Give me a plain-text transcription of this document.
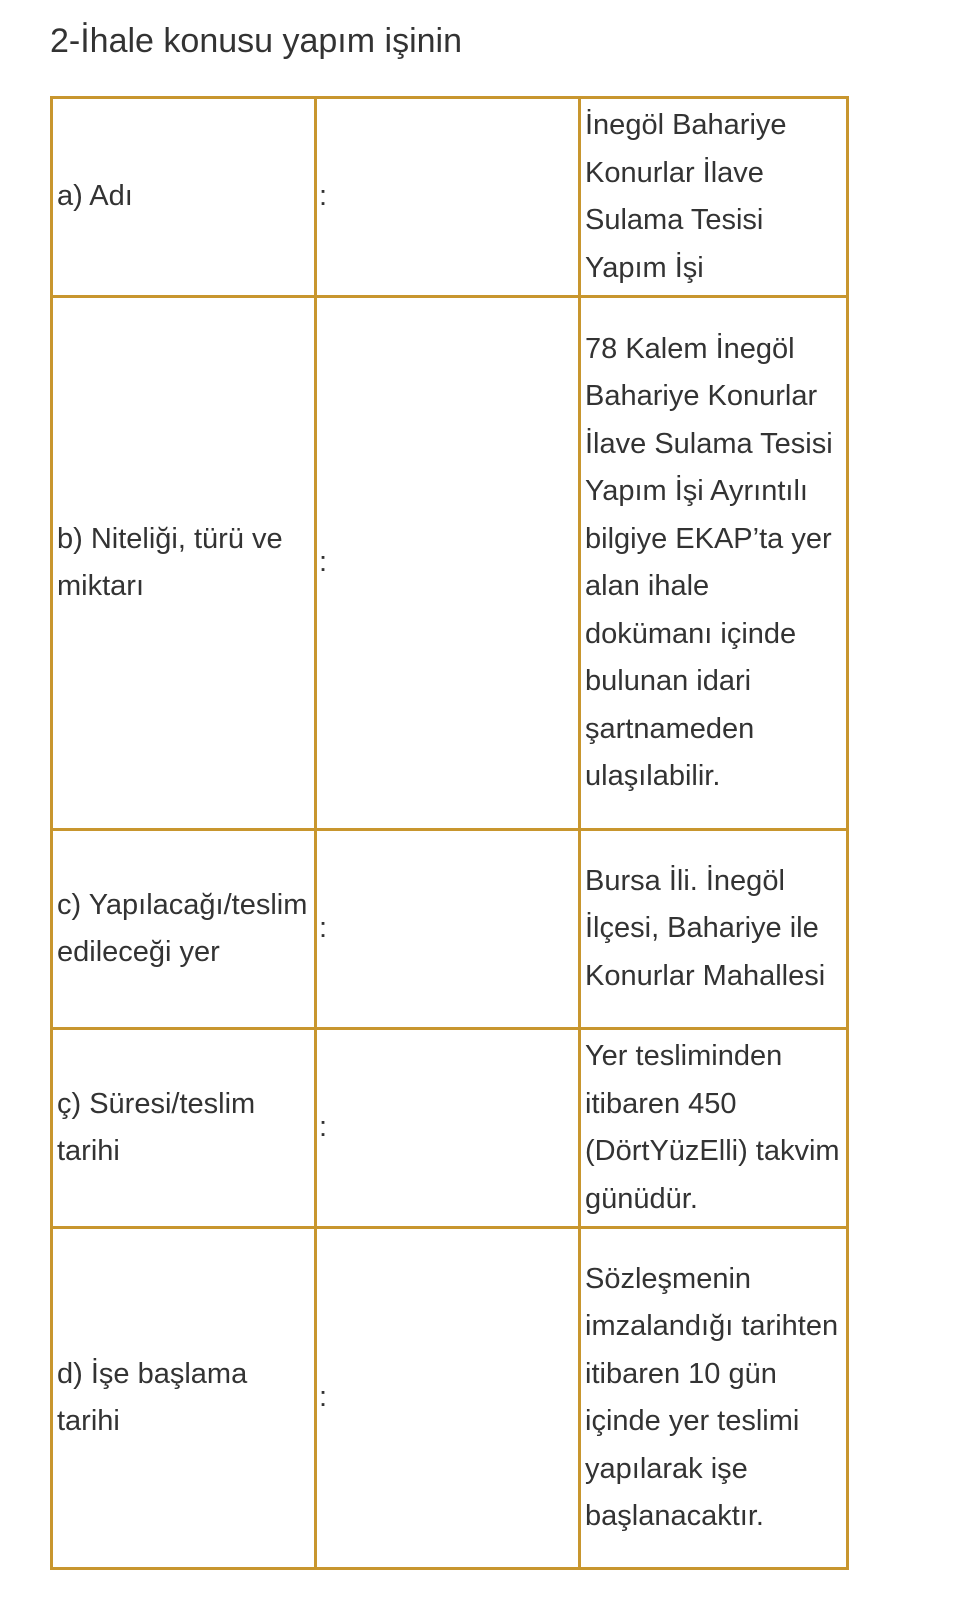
2-İhale konusu yapım işinin
a) Adı	:	İnegöl Bahariye Konurlar İlave Sulama Tesisi Yapım İşi
b) Niteliği, türü ve miktarı	:	78 Kalem İnegöl Bahariye Konurlar İlave Sulama Tesisi Yapım İşi Ayrıntılı bilgiye EKAP’ta yer alan ihale dokümanı içinde bulunan idari şartnameden ulaşılabilir.
c) Yapılacağı/teslim edileceği yer	:	Bursa İli. İnegöl İlçesi, Bahariye ile Konurlar Mahallesi
ç) Süresi/teslim tarihi	:	Yer tesliminden itibaren 450 (DörtYüzElli) takvim günüdür.
d) İşe başlama tarihi	:	Sözleşmenin imzalandığı tarihten itibaren 10 gün içinde yer teslimi yapılarak işe başlanacaktır.
